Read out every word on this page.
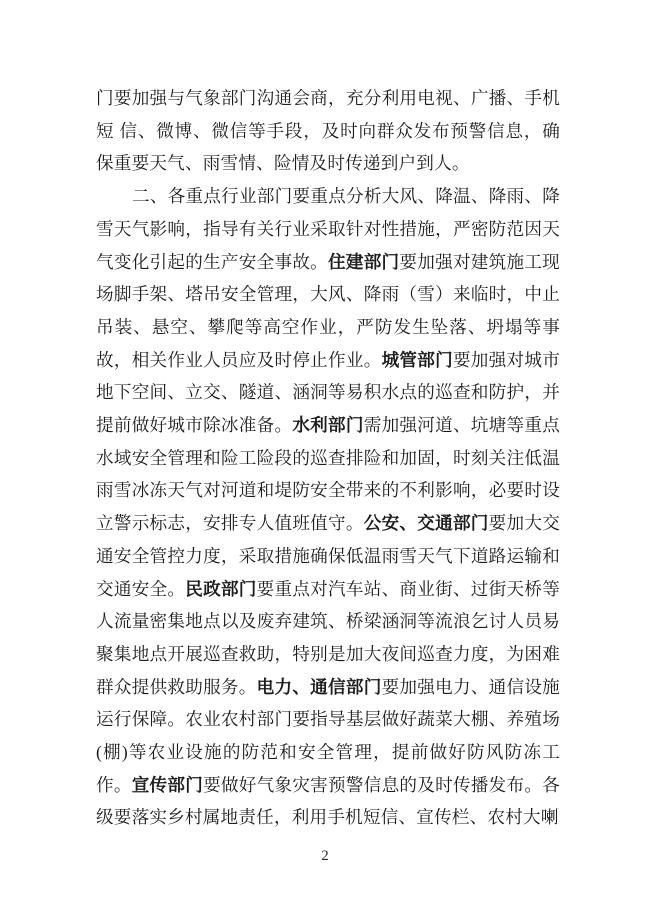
门要加强与气象部门沟通会商，充分利用电视、广播、手机短 信、微博、微信等手段，及时向群众发布预警信息，确保重要天气、雨雪情、险情及时传递到户到人。

二、各重点行业部门要重点分析大风、降温、降雨、降雪天气影响，指导有关行业采取针对性措施，严密防范因天气变化引起的生产安全事故。住建部门要加强对建筑施工现场脚手架、塔吊安全管理，大风、降雨（雪）来临时，中止吊装、悬空、攀爬等高空作业，严防发生坠落、坍塌等事故，相关作业人员应及时停止作业。城管部门要加强对城市地下空间、立交、隧道、涵洞等易积水点的巡查和防护，并提前做好城市除冰准备。水利部门需加强河道、坑塘等重点水域安全管理和险工险段的巡查排险和加固，时刻关注低温雨雪冰冻天气对河道和堤防安全带来的不利影响，必要时设立警示标志，安排专人值班值守。公安、交通部门要加大交通安全管控力度，采取措施确保低温雨雪天气下道路运输和交通安全。民政部门要重点对汽车站、商业街、过街天桥等人流量密集地点以及废弃建筑、桥梁涵洞等流浪乞讨人员易聚集地点开展巡查救助，特别是加大夜间巡查力度，为困难群众提供救助服务。电力、通信部门要加强电力、通信设施运行保障。农业农村部门要指导基层做好蔬菜大棚、养殖场(棚)等农业设施的防范和安全管理，提前做好防风防冻工作。宣传部门要做好气象灾害预警信息的及时传播发布。各级要落实乡村属地责任，利用手机短信、宣传栏、农村大喇

2
